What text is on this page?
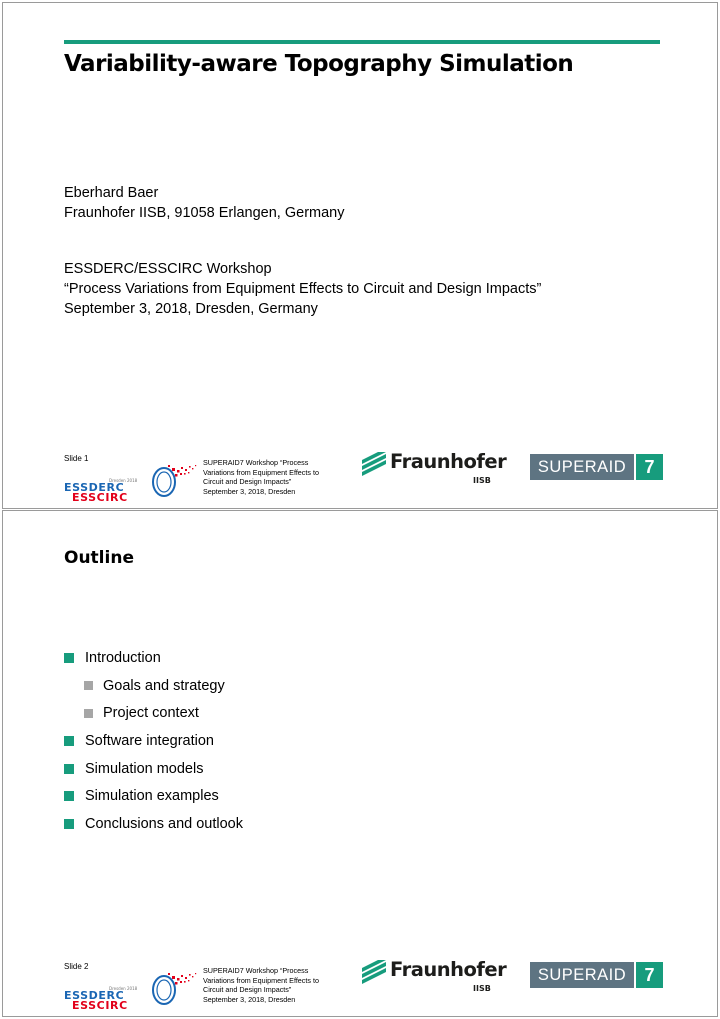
Variability-aware Topography Simulation
Eberhard Baer
Fraunhofer IISB, 91058 Erlangen, Germany
ESSDERC/ESSCIRC Workshop
“Process Variations from Equipment Effects to Circuit and Design Impacts”
September 3, 2018, Dresden, Germany
Slide 1
Dresden 2018
ESSDERC
ESSCIRC
SUPERAID7 Workshop “Process
Variations from Equipment Effects to
Circuit and Design Impacts”
September 3, 2018, Dresden
Fraunhofer
IISB
SUPERAID	7
Outline
Introduction
Goals and strategy
Project context
Software integration
Simulation models
Simulation examples
Conclusions and outlook
Slide 2
Dresden 2018
ESSDERC
ESSCIRC
SUPERAID7 Workshop “Process
Variations from Equipment Effects to
Circuit and Design Impacts”
September 3, 2018, Dresden
Fraunhofer
IISB
SUPERAID	7
